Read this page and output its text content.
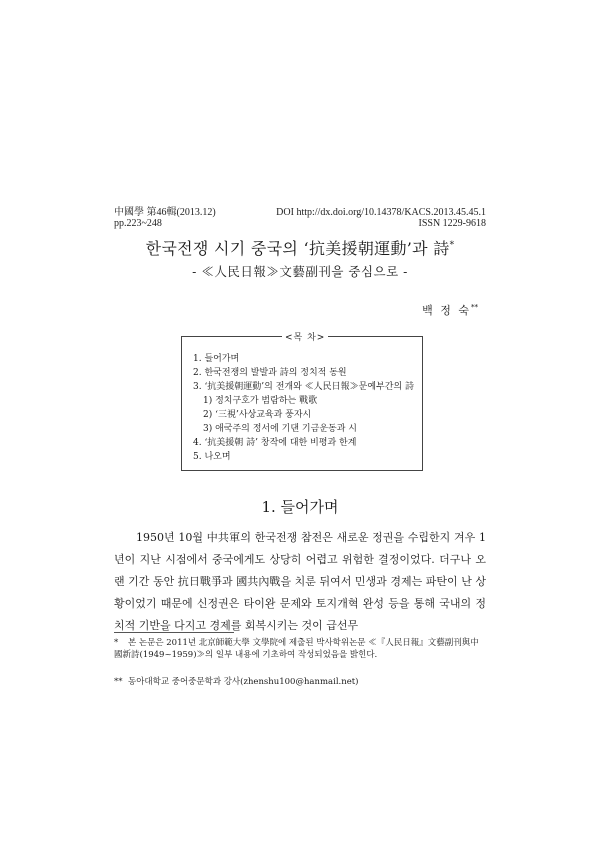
中國學 第46輯(2013.12)
pp.223~248
DOI http://dx.doi.org/10.14378/KACS.2013.45.45.1
ISSN 1229-9618
한국전쟁 시기 중국의 ‘抗美援朝運動’과 詩*
- ≪人民日報≫文藝副刊을 중심으로 -
백 정 숙**
<목 차>
1. 들어가며
2. 한국전쟁의 발발과 詩의 정치적 동원
3. ‘抗美援朝運動’의 전개와 ≪人民日報≫문예부간의 詩
1) 정치구호가 범람하는 戰歌
2) ‘三視’사상교육과 풍자시
3) 애국주의 정서에 기댄 기금운동과 시
4. ‘抗美援朝 詩’ 창작에 대한 비평과 한계
5. 나오며
1. 들어가며

1950년 10월 中共軍의 한국전쟁 참전은 새로운 정권을 수립한지 겨우 1년이 지난 시점에서 중국에게도 상당히 어렵고 위험한 결정이었다. 더구나 오랜 기간 동안 抗日戰爭과 國共內戰을 치룬 뒤여서 민생과 경제는 파탄이 난 상황이었기 때문에 신정권은 타이완 문제와 토지개혁 완성 등을 통해 국내의 정치적 기반을 다지고 경제를 회복시키는 것이 급선무

* 본 논문은 2011년 北京師範大學 文學院에 제출된 박사학위논문 ≪『人民日報』文藝副刊與中國新詩(1949~1959)≫의 일부 내용에 기초하여 작성되었음을 밝힌다.
** 동아대학교 중어중문학과 강사(zhenshu100@hanmail.net)
